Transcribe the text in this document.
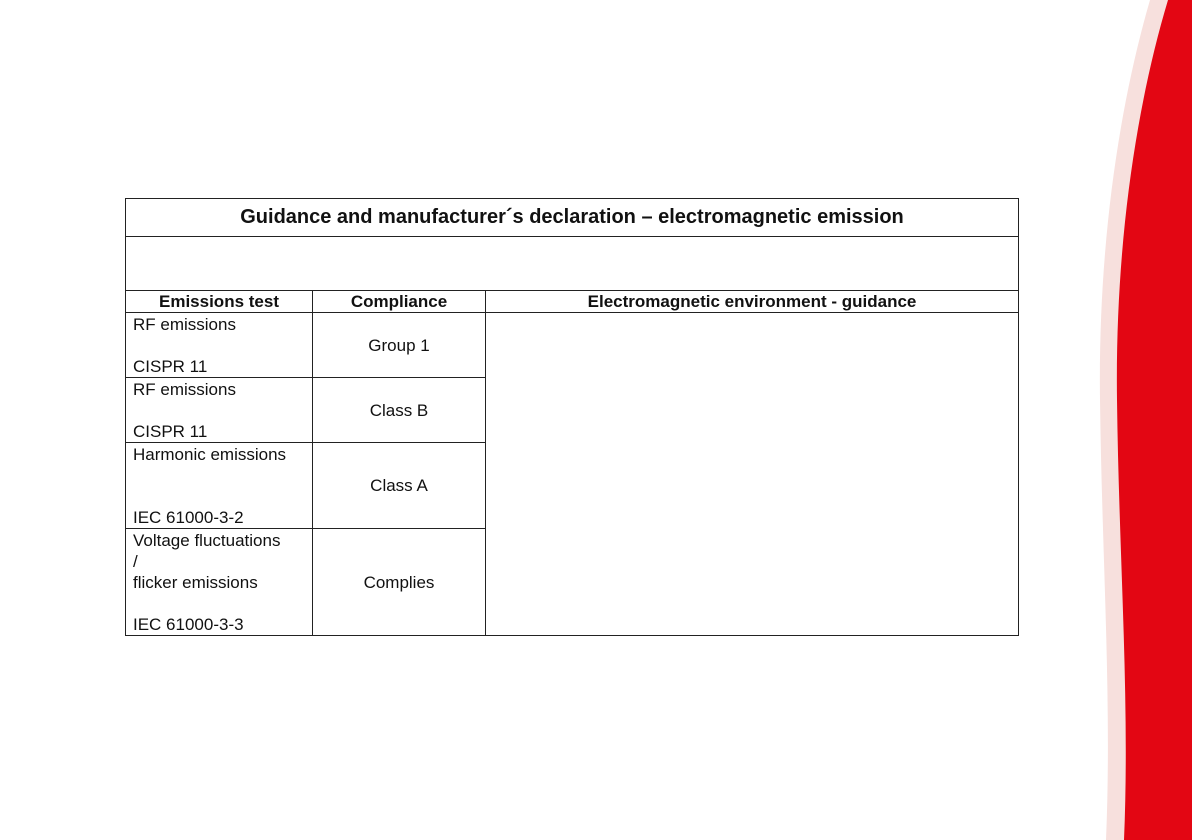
Guidance and manufacturer´s declaration – electromagnetic emission		

Emissions test	Compliance	Electromagnetic environment - guidance

RF emissions
CISPR 11	Group 1	

RF emissions
CISPR 11	Class B	

Harmonic emissions
IEC 61000-3-2	Class A	

Voltage fluctuations
/
flicker emissions
IEC 61000-3-3	Complies	
